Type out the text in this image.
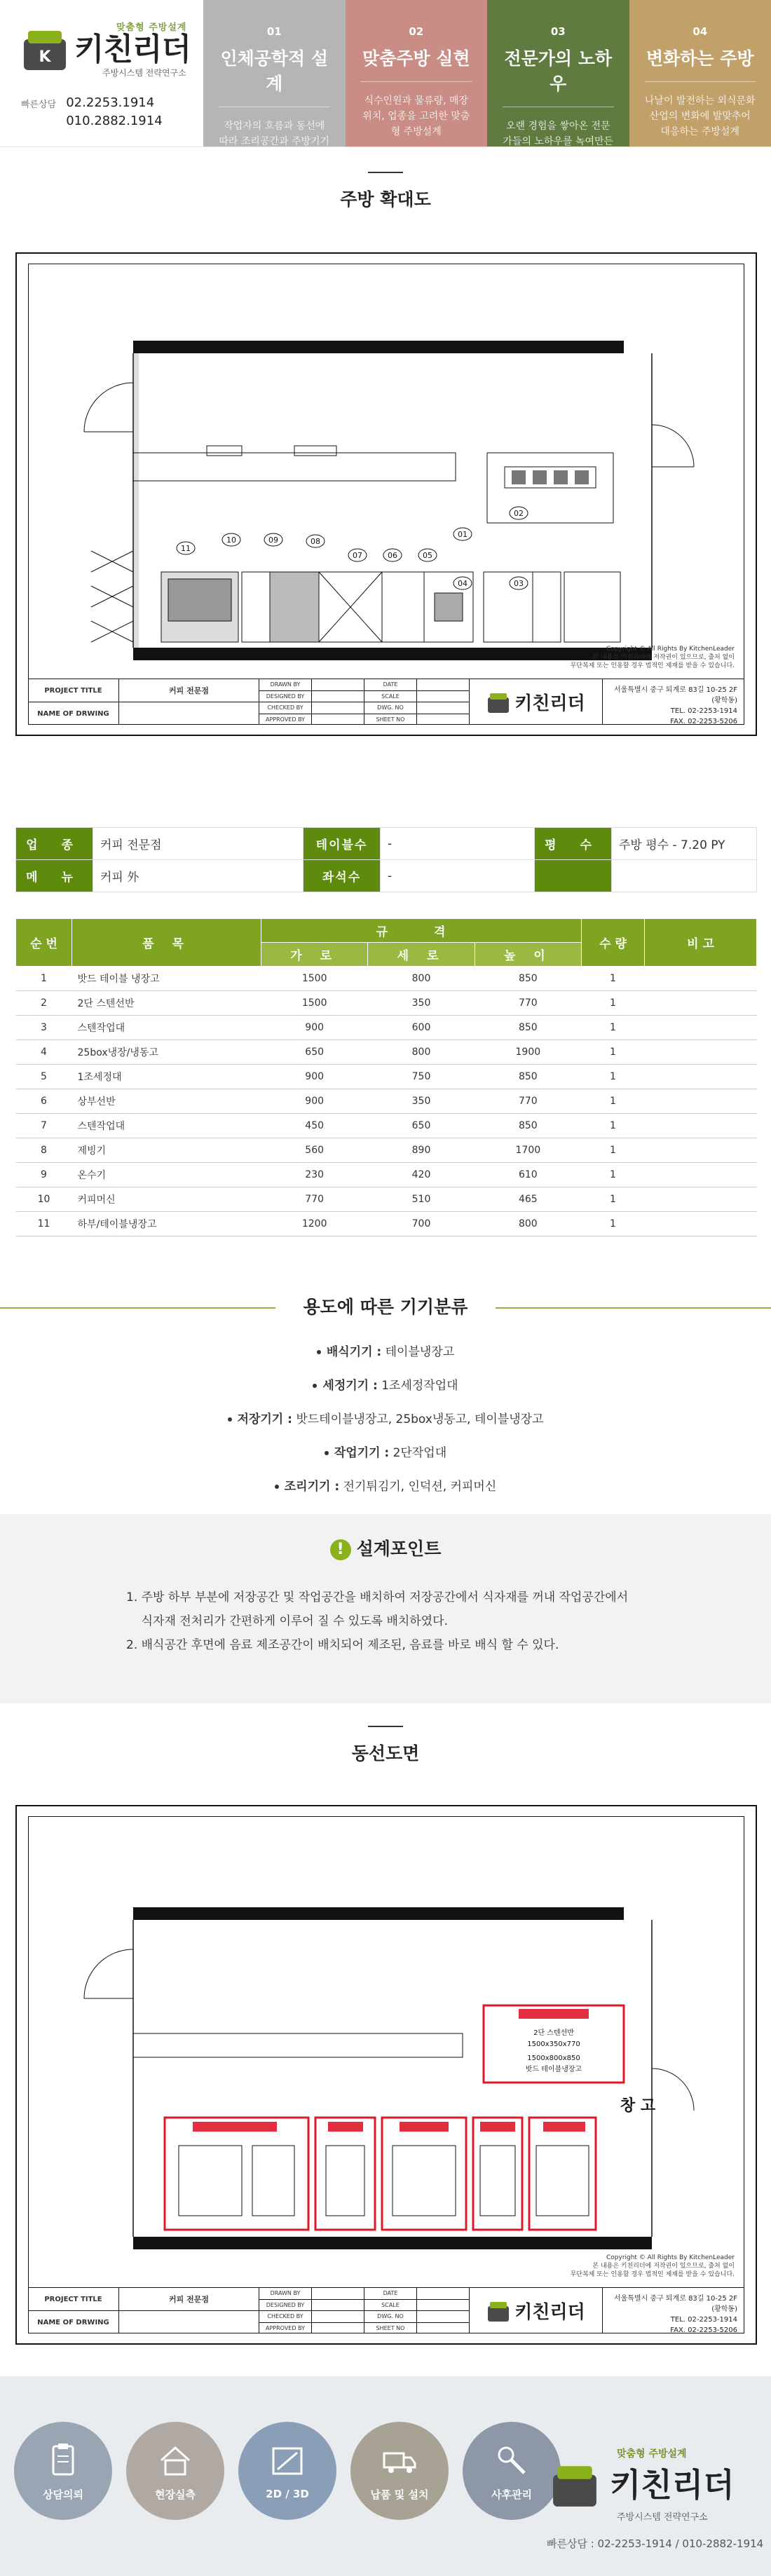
K
맞춤형 주방설계
키친리더
주방시스템 전략연구소
빠른상담 02.2253.1914
010.2882.1914
01
인체공학적 설계
작업자의 흐름과 동선에 따라 조리공간과 주방기기 배치
02
맞춤주방 실현
식수인원과 물류량, 매장위치, 업종을 고려한 맞춤형 주방설계
03
전문가의 노하우
오랜 경험을 쌓아온 전문가들의 노하우를 녹여만든 최상의 솔루션
04
변화하는 주방
나날이 발전하는 외식문화 산업의 변화에 발맞추어 대응하는 주방설계
주방 확대도
01
02
03
04
05
06
07
08
09
10
11
Copyright © All Rights By KitchenLeader
본 내용은 키친리더에 저작권이 있으므로, 출처 없이
무단복제 또는 인용할 경우 법적인 제재를 받을 수 있습니다.
PROJECT TITLE	커피 전문점
NAME OF DRWING
DRAWN BY	DATE
DESIGNED BY	SCALE
CHECKED BY	DWG. NO
APPROVED BY	SHEET NO
키친리더
서울특별시 중구 퇴계로 83길 10-25 2F (황학동)
TEL. 02-2253-1914
FAX. 02-2253-5206
업 종	커피 전문점	테이블수	-	평 수	주방 평수 - 7.20 PY
메 뉴	커피 外	좌석수	-		
순 번	품 목	규 격			수 량	비 고
		가 로	세 로	높 이		
1	밧드 테이블 냉장고	1500	800	850	1	
2	2단 스텐선반	1500	350	770	1	
3	스텐작업대	900	600	850	1	
4	25box냉장/냉동고	650	800	1900	1	
5	1조세정대	900	750	850	1	
6	상부선반	900	350	770	1	
7	스텐작업대	450	650	850	1	
8	제빙기	560	890	1700	1	
9	온수기	230	420	610	1	
10	커피머신	770	510	465	1	
11	하부/테이블냉장고	1200	700	800	1	
용도에 따른 기기분류
배식기기 : 테이블냉장고
세정기기 : 1조세정작업대
저장기기 : 밧드테이블냉장고, 25box냉동고, 테이블냉장고
작업기기 : 2단작업대
조리기기 : 전기튀김기, 인덕션, 커피머신
! 설계포인트
1. 주방 하부 부분에 저장공간 및 작업공간을 배치하여 저장공간에서 식자재를 꺼내 작업공간에서
식자재 전처리가 간편하게 이루어 질 수 있도록 배치하였다.
2. 배식공간 후면에 음료 제조공간이 배치되어 제조된, 음료를 바로 배식 할 수 있다.
동선도면
2단 스텐선반
1500x350x770
1500x800x850
밧드 테이블냉장고
창 고
Copyright © All Rights By KitchenLeader
본 내용은 키친리더에 저작권이 있으므로, 출처 없이
무단복제 또는 인용할 경우 법적인 제재를 받을 수 있습니다.
PROJECT TITLE	커피 전문점
NAME OF DRWING
DRAWN BY	DATE
DESIGNED BY	SCALE
CHECKED BY	DWG. NO
APPROVED BY	SHEET NO
키친리더
서울특별시 중구 퇴계로 83길 10-25 2F (황학동)
TEL. 02-2253-1914
FAX. 02-2253-5206
상담의뢰	현장실측	2D / 3D	납품 및 설치	사후관리
맞춤형 주방설계
키친리더
주방시스템 전략연구소
빠른상담 : 02-2253-1914 / 010-2882-1914
